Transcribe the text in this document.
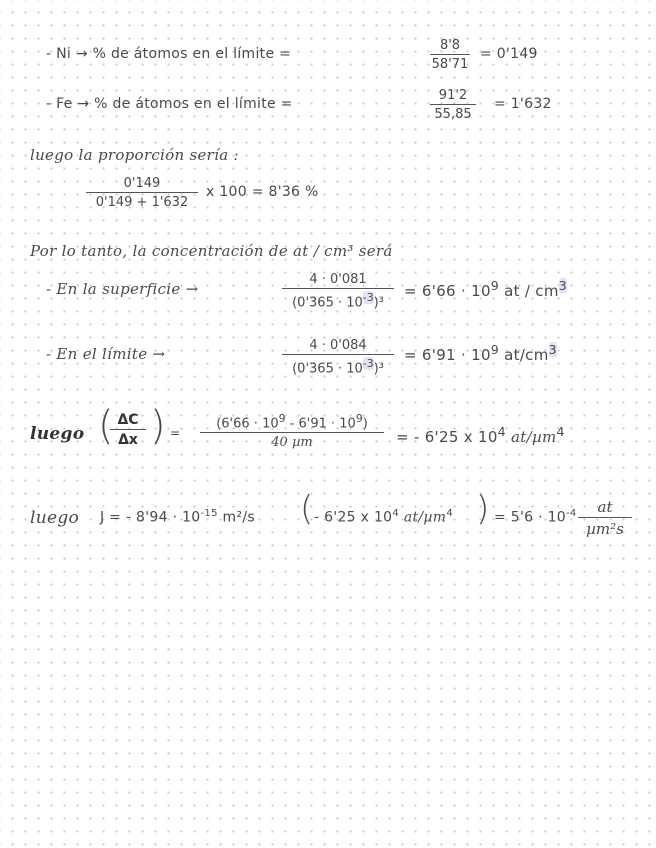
- Ni → % de átomos en el límite =
8'8
58'71
= 0'149
- Fe → % de átomos en el límite =
91'2
55,85
= 1'632
luego la proporción sería :
0'149
0'149 + 1'632
x 100 = 8'36 %
Por lo tanto, la concentración de at / cm³ será
- En la superficie →
4 · 0'081
$(0'365 \cdot 10^{-3})^3$
= $6'66 \cdot 10^9$ at / $cm^3$
- En el límite →	4 · 0'084
$(0'365 \cdot 10^{-3})^3$
= $6'91 \cdot 10^9$ $at/cm^3$
luego ( ΔC
Δx ) =
$(6'66 \cdot 10^9 - 6'91 \cdot 10^9)$
40 µm	= - 6'25 x $10^4$ at/µm$^4$
luego J = - $8'94 \cdot 10^{-15}$ m²/s ( - 6'25 x $10^4$ at/µm$^4$ ) = $5'6 \cdot 10^{-4}$	at
µm²s
